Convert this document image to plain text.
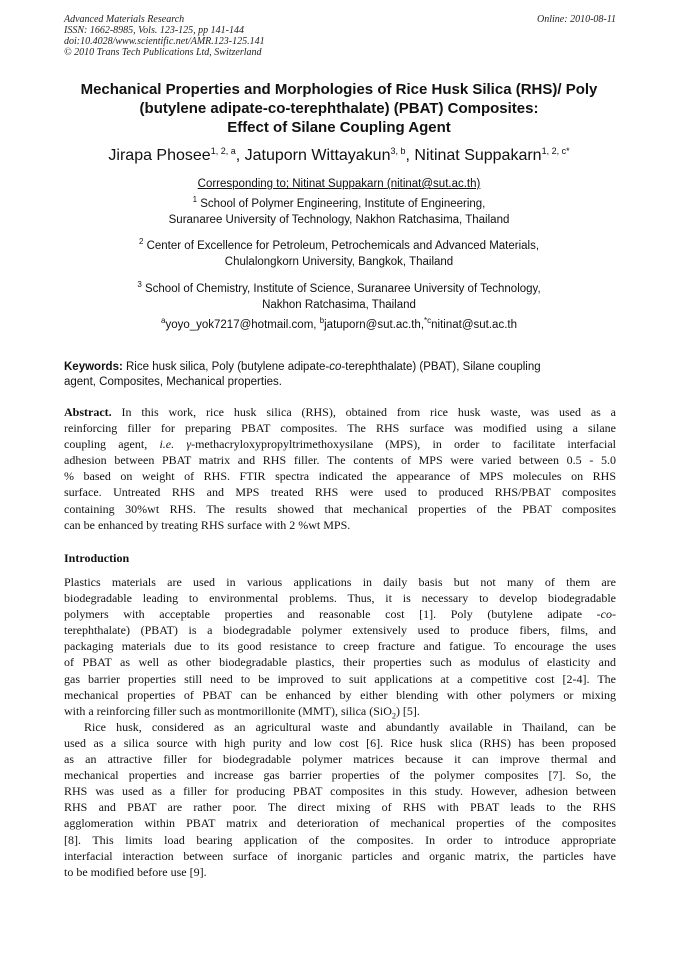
Advanced Materials Research
ISSN: 1662-8985, Vols. 123-125, pp 141-144
doi:10.4028/www.scientific.net/AMR.123-125.141
© 2010 Trans Tech Publications Ltd, Switzerland
Online: 2010-08-11
Mechanical Properties and Morphologies of Rice Husk Silica (RHS)/ Poly
(butylene adipate-co-terephthalate) (PBAT) Composites:
Effect of Silane Coupling Agent
Jirapa Phosee$^{1, 2, a}$, Jatuporn Wittayakun$^{3, b}$, Nitinat Suppakarn$^{1, 2, c*}$
Corresponding to; Nitinat Suppakarn (nitinat@sut.ac.th)
$^1$ School of Polymer Engineering, Institute of Engineering,
Suranaree University of Technology, Nakhon Ratchasima, Thailand
$^2$ Center of Excellence for Petroleum, Petrochemicals and Advanced Materials,
Chulalongkorn University, Bangkok, Thailand
$^3$ School of Chemistry, Institute of Science, Suranaree University of Technology,
Nakhon Ratchasima, Thailand
$^a$yoyo_yok7217@hotmail.com, $^b$jatuporn@sut.ac.th,$^{*c}$nitinat@sut.ac.th
Keywords: Rice husk silica, Poly (butylene adipate-co-terephthalate) (PBAT), Silane coupling
agent, Composites, Mechanical properties.
Abstract. In this work, rice husk silica (RHS), obtained from rice husk waste, was used as a
reinforcing filler for preparing PBAT composites. The RHS surface was modified using a silane
coupling agent, i.e. γ-methacryloxypropyltrimethoxysilane (MPS), in order to facilitate interfacial
adhesion between PBAT matrix and RHS filler. The contents of MPS were varied between 0.5 - 5.0
% based on weight of RHS. FTIR spectra indicated the appearance of MPS molecules on RHS
surface. Untreated RHS and MPS treated RHS were used to produced RHS/PBAT composites
containing 30%wt RHS. The results showed that mechanical properties of the PBAT composites
can be enhanced by treating RHS surface with 2 %wt MPS.
Introduction
Plastics materials are used in various applications in daily basis but not many of them are
biodegradable leading to environmental problems. Thus, it is necessary to develop biodegradable
polymers with acceptable properties and reasonable cost [1]. Poly (butylene adipate -co-
terephthalate) (PBAT) is a biodegradable polymer extensively used to produce fibers, films, and
packaging materials due to its good resistance to creep fracture and fatigue. To encourage the uses
of PBAT as well as other biodegradable plastics, their properties such as modulus of elasticity and
gas barrier properties still need to be improved to suit applications at a competitive cost [2-4]. The
mechanical properties of PBAT can be enhanced by either blending with other polymers or mixing
with a reinforcing filler such as montmorillonite (MMT), silica (SiO$_2$) [5].
Rice husk, considered as an agricultural waste and abundantly available in Thailand, can be
used as a silica source with high purity and low cost [6]. Rice husk slica (RHS) has been proposed
as an attractive filler for biodegradable polymer matrices because it can improve thermal and
mechanical properties and increase gas barrier properties of the polymer composites [7]. So, the
RHS was used as a filler for producing PBAT composites in this study. However, adhesion between
RHS and PBAT are rather poor. The direct mixing of RHS with PBAT leads to the RHS
agglomeration within PBAT matrix and deterioration of mechanical properties of the composites
[8]. This limits load bearing application of the composites. In order to introduce appropriate
interfacial interaction between surface of inorganic particles and organic matrix, the particles have
to be modified before use [9].
